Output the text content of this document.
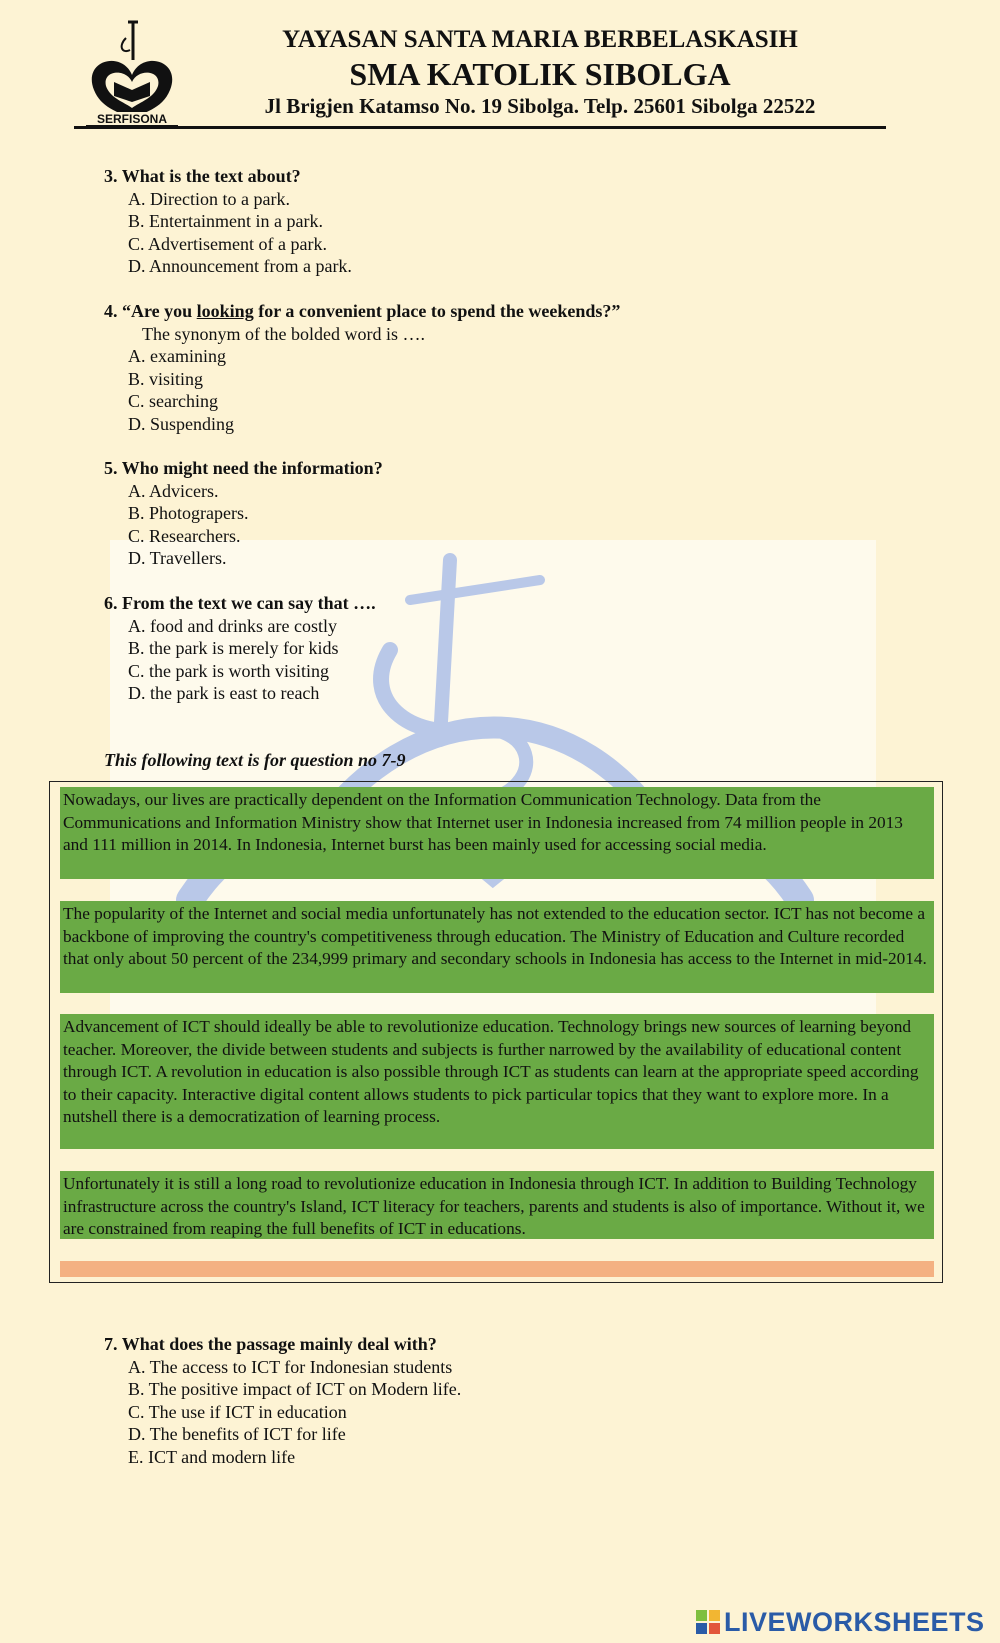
SERFISONA
YAYASAN SANTA MARIA BERBELASKASIH
SMA KATOLIK SIBOLGA
Jl Brigjen Katamso No. 19 Sibolga. Telp. 25601 Sibolga 22522
3. What is the text about?
A. Direction to a park.
B. Entertainment in a park.
C. Advertisement of a park.
D. Announcement from a park.
4. “Are you looking for a convenient place to spend the weekends?”
The synonym of the bolded word is ….
A. examining
B. visiting
C. searching
D. Suspending
5. Who might need the information?
A. Advicers.
B. Photograpers.
C. Researchers.
D. Travellers.
6. From the text we can say that ….
A. food and drinks are costly
B. the park is merely for kids
C. the park is worth visiting
D. the park is east to reach
This following text is for question no 7-9
Nowadays, our lives are practically dependent on the Information Communication Technology. Data from the Communications and Information Ministry show that Internet user in Indonesia increased from 74 million people in 2013 and 111 million in 2014. In Indonesia, Internet burst has been mainly used for accessing social media.
The popularity of the Internet and social media unfortunately has not extended to the education sector. ICT has not become a backbone of improving the country's competitiveness through education. The Ministry of Education and Culture recorded that only about 50 percent of the 234,999 primary and secondary schools in Indonesia has access to the Internet in mid-2014.
Advancement of ICT should ideally be able to revolutionize education. Technology brings new sources of learning beyond teacher. Moreover, the divide between students and subjects is further narrowed by the availability of educational content through ICT. A revolution in education is also possible through ICT as students can learn at the appropriate speed according to their capacity. Interactive digital content allows students to pick particular topics that they want to explore more. In a nutshell there is a democratization of learning process.
Unfortunately it is still a long road to revolutionize education in Indonesia through ICT. In addition to Building Technology infrastructure across the country's Island, ICT literacy for teachers, parents and students is also of importance. Without it, we are constrained from reaping the full benefits of ICT in educations.
7. What does the passage mainly deal with?
A. The access to ICT for Indonesian students
B. The positive impact of ICT on Modern life.
C. The use if ICT in education
D. The benefits of ICT for life
E. ICT and modern life
LIVEWORKSHEETS
